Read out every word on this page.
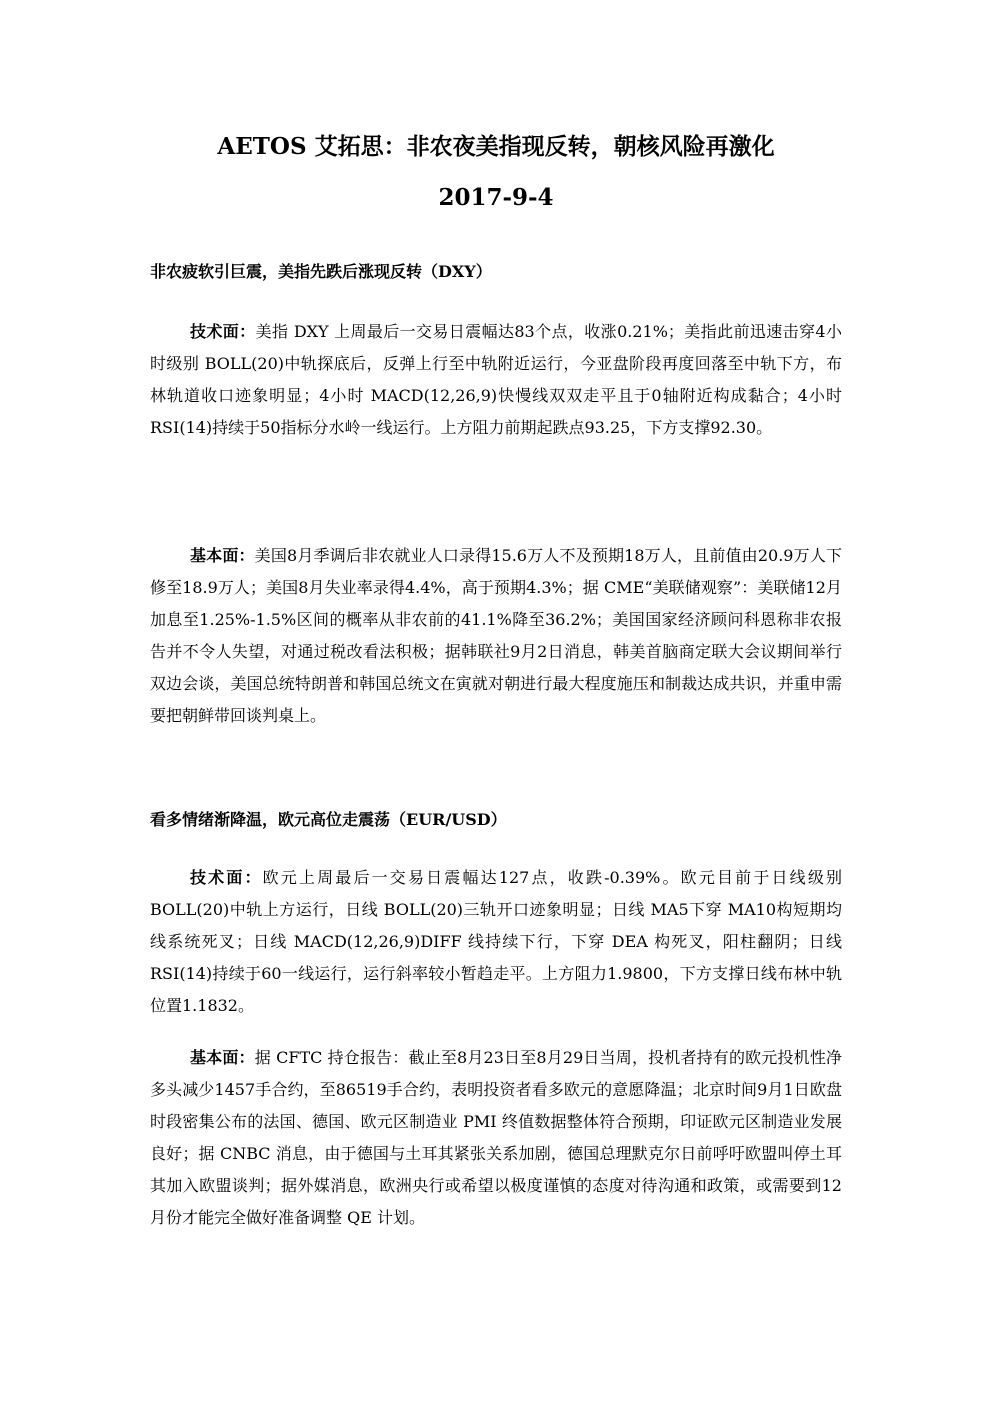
AETOS 艾拓思：非农夜美指现反转，朝核风险再激化
2017-9-4
非农疲软引巨震，美指先跌后涨现反转（DXY）

技术面：美指 DXY 上周最后一交易日震幅达83个点，收涨0.21%；美指此前迅速击穿4小时级别 BOLL(20)中轨探底后，反弹上行至中轨附近运行，今亚盘阶段再度回落至中轨下方，布林轨道收口迹象明显；4小时 MACD(12,26,9)快慢线双双走平且于0轴附近构成黏合；4小时 RSI(14)持续于50指标分水岭一线运行。上方阻力前期起跌点93.25，下方支撑92.30。

基本面：美国8月季调后非农就业人口录得15.6万人不及预期18万人，且前值由20.9万人下修至18.9万人；美国8月失业率录得4.4%，高于预期4.3%；据 CME“美联储观察”：美联储12月加息至1.25%-1.5%区间的概率从非农前的41.1%降至36.2%；美国国家经济顾问科恩称非农报告并不令人失望，对通过税改看法积极；据韩联社9月2日消息，韩美首脑商定联大会议期间举行双边会谈，美国总统特朗普和韩国总统文在寅就对朝进行最大程度施压和制裁达成共识，并重申需要把朝鲜带回谈判桌上。

看多情绪渐降温，欧元高位走震荡（EUR/USD）

技术面：欧元上周最后一交易日震幅达127点，收跌-0.39%。欧元目前于日线级别 BOLL(20)中轨上方运行，日线 BOLL(20)三轨开口迹象明显；日线 MA5下穿 MA10构短期均线系统死叉；日线 MACD(12,26,9)DIFF 线持续下行，下穿 DEA 构死叉，阳柱翻阴；日线 RSI(14)持续于60一线运行，运行斜率较小暂趋走平。上方阻力1.9800，下方支撑日线布林中轨位置1.1832。

基本面：据 CFTC 持仓报告：截止至8月23日至8月29日当周，投机者持有的欧元投机性净多头减少1457手合约，至86519手合约，表明投资者看多欧元的意愿降温；北京时间9月1日欧盘时段密集公布的法国、德国、欧元区制造业 PMI 终值数据整体符合预期，印证欧元区制造业发展良好；据 CNBC 消息，由于德国与土耳其紧张关系加剧，德国总理默克尔日前呼吁欧盟叫停土耳其加入欧盟谈判；据外媒消息，欧洲央行或希望以极度谨慎的态度对待沟通和政策，或需要到12月份才能完全做好准备调整 QE 计划。
